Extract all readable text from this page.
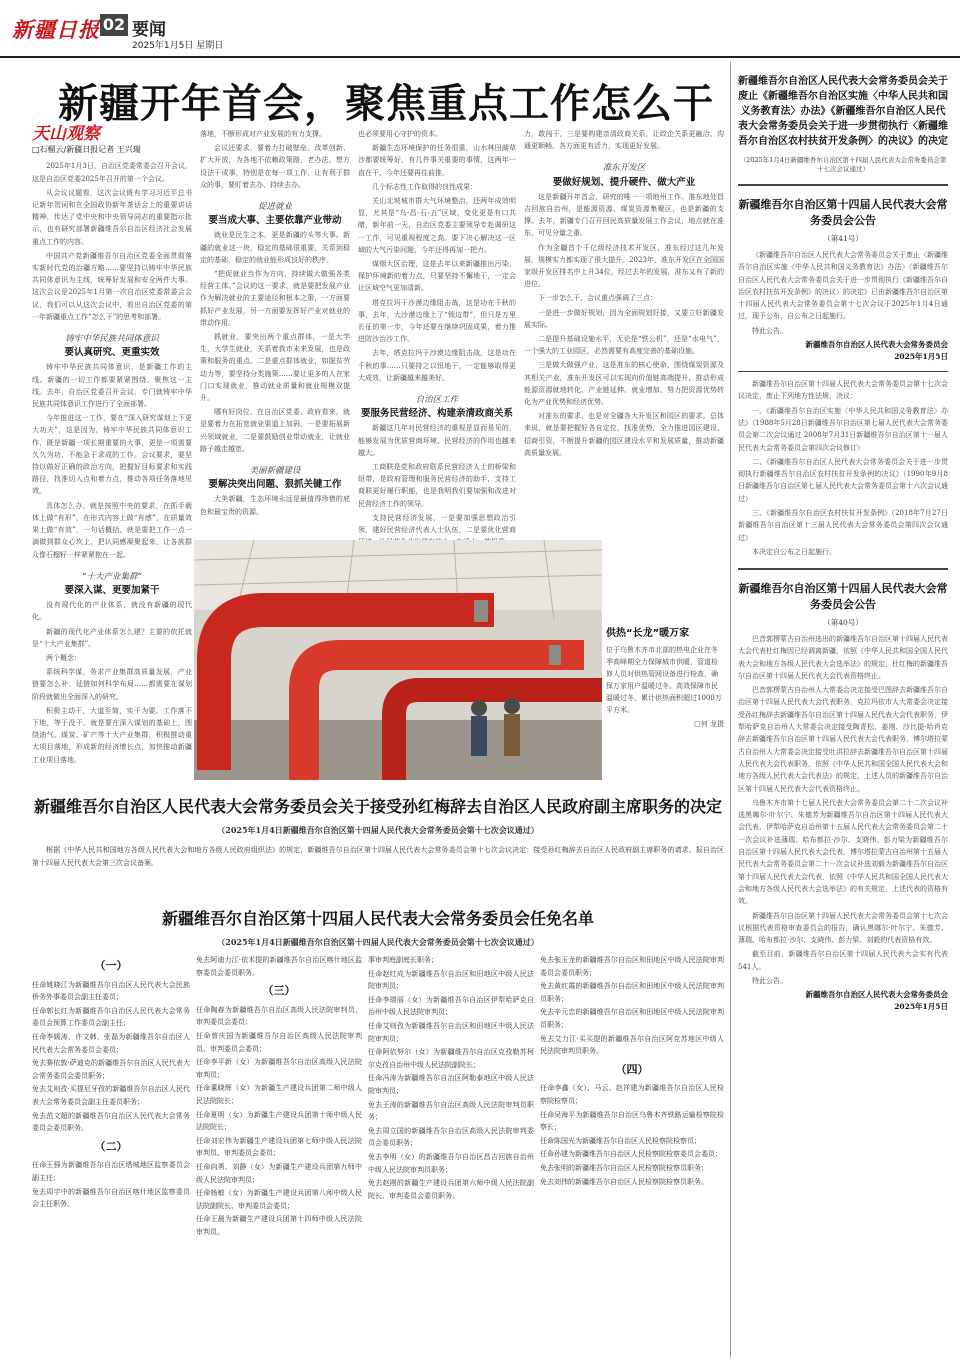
新疆日报 02 要闻
2025年1月5日 星期日
新疆开年首会，聚焦重点工作怎么干
天山观察
□石榴云/新疆日报记者 王兴瑞

2025年1月3日，自治区党委常委会召开会议，这是自治区党委2025年召开的第一个会议。

从会议议题看，这次会议既有学习习近平总书记新年贺词和在全国政协新年茶话会上的重要讲话精神，传达了党中央和中央领导同志的重要指示批示，也有研究部署新疆维吾尔自治区经济社会发展重点工作的内容。

中国共产党新疆维吾尔自治区党委全面贯彻落实新时代党的治疆方略……要坚持以铸牢中华民族共同体意识为主线，统筹好发展和安全两件大事。这次会议是2025年1月第一次自治区党委常委会会议，我们可以从这次会议中，看出自治区党委的第一年新疆重点工作“怎么干”的思考和部署。

铸牢中华民族共同体意识
要认真研究、更重实效

铸牢中华民族共同体意识，是新疆工作的主线。新疆的一切工作都要紧紧围绕、聚焦这一主线。去年，自治区党委召开会议，专门就铸牢中华民族共同体意识工作进行了全面部署。

今年推进这一工作，要在“深入研究谋划上下更大功夫”，这是因为，铸牢中华民族共同体意识工作，既是新疆一项长期重要的大事，更是一项需要久久为功、不能急于求成的工作。会议要求，要坚持以做好正确的政治方向，把握好目标要求和实践路径，找准切入点和着力点，推动各项任务落地见效。

具体怎么办，就是按照中央的要求，在抓手载体上做“有形”，在形式内容上做“有感”，在质量效果上做“有效”，一句话概括，就是要把工作一点一滴做到群众心坎上，把认同感凝聚起来，让各族群众像石榴籽一样紧紧抱在一起。

“十大产业集群”
要深入谋、更要加紧干

没有现代化的产业体系，就没有新疆的现代化。

新疆的现代化产业体系怎么建？主要的依托就是“十大产业集群”。

两个概念：

系统科学谋，务求产业集群高质量发展，产业链要怎么补、延链如何科学布局……都需要在谋划阶段就做出全面深入的研究。

积极主动干，大道至简，实干为要。工作落不下地，等于没干。就是要在深入谋划的基础上，围绕油气、煤炭、矿产等十大产业集群，积极推动重大项目落地，形成新的经济增长点，加快推动新疆工业项目落地。

落地，不断形成对产业发展的有力支撑。

会议还要求，要着力打破壁垒、改革创新、扩大开放，为各地不依赖政策路、老办法，想方设法干成事，特别是在每一项工作、让有利于群众的事，要盯着去办、持续去办。

促进就业
要当成大事、主要依靠产业带动

就业是民生之本，更是新疆的头等大事。新疆的就业这一块，稳定的基础很重要，关系到稳定的基础，稳定的就业能形成良好的秩序。

“把促就业当作为方向，持续做大做强各类经营主体。”会议的这一要求，就是要把发展产业作为解决就业的主要途径和根本之策，一方面要抓好产业发展，另一方面要发挥好产业对就业的带动作用。

抓就业，要突出两个重点群体，一是大学生，大学生就业，关系着我市未来发展，也是政策和服务的重点。二是重点群体就业，如脱贫劳动力等，要坚持分类施策……要让更多的人在家门口实现就业，推动就业质量和就业规模双提升。

哪有好岗位，在自治区党委、政府看来，就是要着力在拓宽就业渠道上加码，一是要拓展新兴领域就业，二是要鼓励创业带动就业，让就业路子越走越宽。

美丽新疆建设
要解决突出问题、狠抓关键工作

大美新疆，生态环境永远是最值得珍惜的底色和最宝贵的资源。

也必须要用心守护的资本。

新疆生态环境保护的任务很重，山水林田湖草沙都要统筹好，有几件事关重要的事情，这两年一直在干，今年还要再往前推。

几个标志性工作取得的良性成果：

关山北坡城市群大气环境整治，还两年成效明显，尤其是“乌-昌-石-五”区域，变化更是有口共睹，新年前一天，自治区党委主要领导专赴调研这一工作，可见重视程度之高。要下决心解决这一区域的大气污染问题，今年还得再加一把力。

煤烟大区治理，这是去年以来新疆推出污染、保护环境新的着力点，只要坚持不懈地干，一定会让区域空气更加清新。

塔克拉玛干沙漠边缘阻击战，这是功在千秋的事，去年，大沙漠边缘上了“锁边带”，但只是万里长征的第一步，今年还要在继续巩固成果，着力推进防沙治沙工作。

去年，塔克拉玛干沙漠边缘阻击战，这是功在千秋的事……只要持之以恒地干，一定能够取得更大成效，让新疆越来越美好。

自治区工作
要服务民营经济、构建亲清政商关系

新疆这几年对民营经济的重视是显而易见的，能够发展为优质营商环境、民营经济的作用也越来越大。

工商联是党和政府联系民营经济人士的桥梁和纽带，是政府管理和服务民营经济的助手，支持工商联更好履行职能，也是我明我们要加强和改进对民营经济工作的领导。

支持民营经济发展，一是要加强思想政治引领，建好民营经济代表人士队伍，二是要优化营商

力，敢闯干，三是要构建亲清政商关系，让政企关系更融洽、沟通更顺畅、各方面更有活力，实现更好发展。

准东开发区
要做好规划、提升硬件、做大产业

这是新疆开年首会，研究的唯一一项地州工作。准东地处昌吉回族自治州，是能源资源、煤炭资源集聚区，也是新疆的支撑。去年，新疆专门召开回民高质量发展工作会议，地点就在准东，可见分量之重。

作为全疆首个千亿级经济技术开发区，准东经过这几年发展，规模实力都实现了很大提升。2023年，准东开发区在全国国家级开发区排名中上升34位，经过去年的发展，准东又有了新的进位。

下一步怎么干，会议重点强调了三点：

一是进一步做好规划，因为全面规划好接，又要立好新疆发展实际。

二是提升基础设施水平，无论是“铁公机”，还是“水电气”，一个强大的工业园区，必然需要有高度完善的基础设施。

三是做大做强产业，这是准东的核心使命，围绕煤炭资源及其相关产业，准东开发区可以实现向价值链高端提升，推动形成能源资源就地转化、产业链延伸、就业增加，努力把资源优势转化为产业优势和经济优势。

对准东的要求，也是对全疆各大开发区和园区的要求。总体来说，就是要把握好各自定位，找准优势，全力推进园区建设、招商引资，不断提升新疆的园区建设水平和发展质量，推动新疆高质量发展。

供热“长龙”暖万家
位于乌鲁木齐市北部的热电企业在冬季高峰期全力保障城市供暖，管道检修人员对供热管网设备进行检查，确保万家用户温暖过冬。高效保障市民温暖过冬，累计供热面积超过1000万平方米。
□何 龙摄
新疆维吾尔自治区人民代表大会常务委员会关于接受孙红梅辞去自治区人民政府副主席职务的决定
（2025年1月4日新疆维吾尔自治区第十四届人民代表大会常务委员会第十七次会议通过）
根据《中华人民共和国地方各级人民代表大会和地方各级人民政府组织法》的规定，新疆维吾尔自治区第十四届人民代表大会常务委员会第十七次会议决定：接受孙红梅辞去自治区人民政府副主席职务的请求。报自治区第十四届人民代表大会第三次会议备案。
新疆维吾尔自治区第十四届人民代表大会常务委员会任免名单
（2025年1月4日新疆维吾尔自治区第十四届人民代表大会常务委员会第十七次会议通过）
（一）

任命姚晓江为新疆维吾尔自治区人民代表大会民族侨务外事委员会副主任委员；

任命郭长红为新疆维吾尔自治区人民代表大会常务委员会预算工作委员会副主任；

任命李媛涛、许文韩、张磊为新疆维吾尔自治区人民代表大会常务委员会委员；

免去赛依敦·萨迪克的新疆维吾尔自治区人民代表大会常务委员会委员职务；

免去艾则孜·买提尼牙孜的新疆维吾尔自治区人民代表大会常务委员会副主任委员职务；

免去范文超的新疆维吾尔自治区人民代表大会常务委员会委员职务。

（二）

任命王强为新疆维吾尔自治区塔城地区监察委员会副主任；

免去周宇中的新疆维吾尔自治区喀什地区监察委员会主任职务。

免去阿迪力江·依米提的新疆维吾尔自治区喀什地区监察委员会委员职务。

（三）

任命陶春为新疆维吾尔自治区高级人民法院审判员、审判委员会委员；

任命曾庆国为新疆维吾尔自治区高级人民法院审判员、审判委员会委员；

任命李平新（女）为新疆维吾尔自治区高级人民法院审判员；

任命董晓辉（女）为新疆生产建设兵团第二师中级人民法院院长；

任命夏明（女）为新疆生产建设兵团第十师中级人民法院院长；

任命刘宏伟为新疆生产建设兵团第七师中级人民法院审判员、审判委员会委员；

任命向勇、刘静（女）为新疆生产建设兵团第九师中级人民法院审判员；

任命杨敏（女）为新疆生产建设兵团第八师中级人民法院副院长、审判委员会委员；

任命王晨为新疆生产建设兵团第十四师中级人民法院审判员。

事审判庭副庭长职务；

任命赵红成为新疆维吾尔自治区和田地区中级人民法院审判员；

任命李瑞丽（女）为新疆维吾尔自治区伊犁哈萨克自治州中级人民法院审判员；

任命艾则孜为新疆维吾尔自治区和田地区中级人民法院审判员；

任命阿依努尔（女）为新疆维吾尔自治区克孜勒苏柯尔克孜自治州中级人民法院副院长；

任命冯涛为新疆维吾尔自治区阿勒泰地区中级人民法院审判员；

免去王涛的新疆维吾尔自治区高级人民法院审判员职务；

免去周立国的新疆维吾尔自治区高级人民法院审判委员会委员职务；

免去李明（女）的新疆维吾尔自治区昌吉回族自治州中级人民法院审判员职务；

免去赵刚的新疆生产建设兵团第六师中级人民法院副院长、审判委员会委员职务。

免去张玉龙的新疆维吾尔自治区和田地区中级人民法院审判委员会委员职务；

免去黄红霞的新疆维吾尔自治区和田地区中级人民法院审判员职务；

免去辛元忠的新疆维吾尔自治区和田地区中级人民法院审判员职务；

免去艾力江·买买提的新疆维吾尔自治区阿克苏地区中级人民法院审判员职务。

（四）

任命李鑫（女）、马云、赵祥建为新疆维吾尔自治区人民检察院检察员；

任命吴海平为新疆维吾尔自治区乌鲁木齐铁路运输检察院检察长；

任命陈国光为新疆维吾尔自治区人民检察院检察员；

任命孙建为新疆维吾尔自治区人民检察院检察委员会委员；

免去张明的新疆维吾尔自治区人民检察院检察员职务；

免去刘伟的新疆维吾尔自治区人民检察院检察员职务。

新疆维吾尔自治区人民代表大会常务委员会关于废止《新疆维吾尔自治区实施〈中华人民共和国义务教育法〉办法》《新疆维吾尔自治区人民代表大会常务委员会关于进一步贯彻执行〈新疆维吾尔自治区农村扶贫开发条例〉的决议》的决定
（2025年1月4日新疆维吾尔自治区第十四届人民代表大会常务委员会第十七次会议通过）
新疆维吾尔自治区第十四届人民代表大会常务委员会公告
（第41号）

《新疆维吾尔自治区人民代表大会常务委员会关于废止〈新疆维吾尔自治区实施《中华人民共和国义务教育法》办法〉〈新疆维吾尔自治区人民代表大会常务委员会关于进一步贯彻执行《新疆维吾尔自治区农村扶贫开发条例》的决议〉的决定》已由新疆维吾尔自治区第十四届人民代表大会常务委员会第十七次会议于2025年1月4日通过，现予公布，自公布之日起施行。

特此公告。

新疆维吾尔自治区人民代表大会常务委员会
2025年1月5日

新疆维吾尔自治区第十四届人民代表大会常务委员会第十七次会议决定，废止下列地方性法规、决议：

一、《新疆维吾尔自治区实施〈中华人民共和国义务教育法〉办法》（1988年5月28日新疆维吾尔自治区第七届人民代表大会常务委员会第二次会议通过 2008年7月31日新疆维吾尔自治区第十一届人民代表大会常务委员会第四次会议修订）

二、《新疆维吾尔自治区人民代表大会常务委员会关于进一步贯彻执行新疆维吾尔自治区农村扶贫开发条例的决议》（1990年9月8日新疆维吾尔自治区第七届人民代表大会常务委员会第十六次会议通过）

三、《新疆维吾尔自治区农村扶贫开发条例》（2018年7月27日新疆维吾尔自治区第十三届人民代表大会常务委员会第四次会议通过）

本决定自公布之日起施行。

新疆维吾尔自治区第十四届人民代表大会常务委员会公告
（第40号）

巴音郭楞蒙古自治州选出的新疆维吾尔自治区第十四届人民代表大会代表杜红梅因已经调离新疆，依照《中华人民共和国全国人民代表大会和地方各级人民代表大会选举法》的规定，杜红梅的新疆维吾尔自治区第十四届人民代表大会代表资格终止。

巴音郭楞蒙古自治州人大常委会决定接受巴图辞去新疆维吾尔自治区第十四届人民代表大会代表职务，克拉玛依市人大常委会决定接受孙红梅辞去新疆维吾尔自治区第十四届人民代表大会代表职务，伊犁哈萨克自治州人大常委会决定接受陶青松、姜刚、沙比提·哈肖克辞去新疆维吾尔自治区第十四届人民代表大会代表职务，博尔塔拉蒙古自治州人大常委会决定接受吐洪拉辞去新疆维吾尔自治区第十四届人民代表大会代表职务，依照《中华人民共和国全国人民代表大会和地方各级人民代表大会代表法》的规定，上述人员的新疆维吾尔自治区第十四届人民代表大会代表资格终止。

乌鲁木齐市第十七届人民代表大会常务委员会第二十二次会议补选黑娜尔·叶尔宁、朱德芳为新疆维吾尔自治区第十四届人民代表大会代表，伊犁哈萨克自治州第十五届人民代表大会常务委员会第二十一次会议补选薄瑞、哈布都拉·沙尔、支晓伟、彭力梁为新疆维吾尔自治区第十四届人民代表大会代表，博尔塔拉蒙古自治州第十五届人民代表大会常务委员会第二十一次会议补选刘毅为新疆维吾尔自治区第十四届人民代表大会代表，依照《中华人民共和国全国人民代表大会和地方各级人民代表大会选举法》的有关规定，上述代表的资格有效。

新疆维吾尔自治区第十四届人民代表大会常务委员会第十七次会议根据代表资格审查委员会的报告，确认黑娜尔·叶尔宁、朱德芳、薄瑞、哈布都拉·沙尔、支晓伟、彭力梁、刘毅的代表资格有效。

截至目前，新疆维吾尔自治区第十四届人民代表大会实有代表541人。

特此公告。

新疆维吾尔自治区人民代表大会常务委员会
2025年1月5日
